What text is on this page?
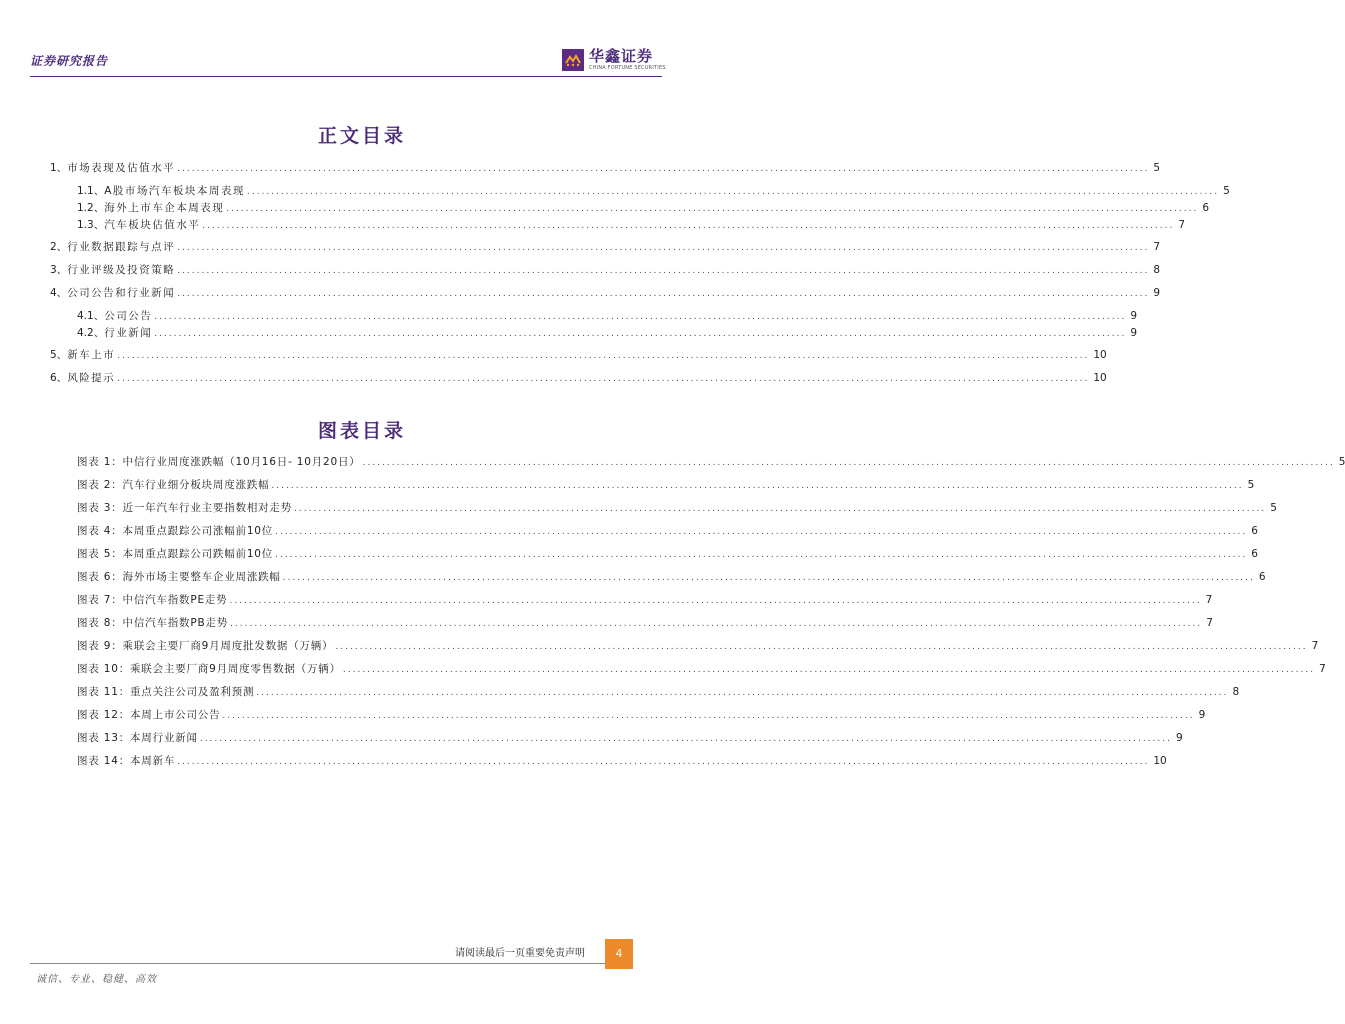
证券研究报告	华鑫证券
CHINA FORTUNE SECURITIES
正文目录
1、 市场表现及估值水平 ........................................................................................................................................................................................................ 5
1.1、 A股市场汽车板块本周表现 ........................................................................................................................................................................................................ 5
1.2、 海外上市车企本周表现 ........................................................................................................................................................................................................ 6
1.3、 汽车板块估值水平 ........................................................................................................................................................................................................ 7
2、 行业数据跟踪与点评 ........................................................................................................................................................................................................ 7
3、 行业评级及投资策略 ........................................................................................................................................................................................................ 8
4、 公司公告和行业新闻 ........................................................................................................................................................................................................ 9
4.1、 公司公告 ........................................................................................................................................................................................................ 9
4.2、 行业新闻 ........................................................................................................................................................................................................ 9
5、 新车上市 ........................................................................................................................................................................................................ 10
6、 风险提示 ........................................................................................................................................................................................................ 10
图表目录
图表 1：中信行业周度涨跌幅（10月16日- 10月20日） ........................................................................................................................................................................................................ 5
图表 2：汽车行业细分板块周度涨跌幅 ........................................................................................................................................................................................................ 5
图表 3：近一年汽车行业主要指数相对走势 ........................................................................................................................................................................................................ 5
图表 4：本周重点跟踪公司涨幅前10位 ........................................................................................................................................................................................................ 6
图表 5：本周重点跟踪公司跌幅前10位 ........................................................................................................................................................................................................ 6
图表 6：海外市场主要整车企业周涨跌幅 ........................................................................................................................................................................................................ 6
图表 7：中信汽车指数PE走势 ........................................................................................................................................................................................................ 7
图表 8：中信汽车指数PB走势 ........................................................................................................................................................................................................ 7
图表 9：乘联会主要厂商9月周度批发数据（万辆） ........................................................................................................................................................................................................ 7
图表 10：乘联会主要厂商9月周度零售数据（万辆） ........................................................................................................................................................................................................ 7
图表 11：重点关注公司及盈利预测 ........................................................................................................................................................................................................ 8
图表 12：本周上市公司公告 ........................................................................................................................................................................................................ 9
图表 13：本周行业新闻 ........................................................................................................................................................................................................ 9
图表 14：本周新车 ........................................................................................................................................................................................................ 10
请阅读最后一页重要免责声明	4
诚信、专业、稳健、高效
